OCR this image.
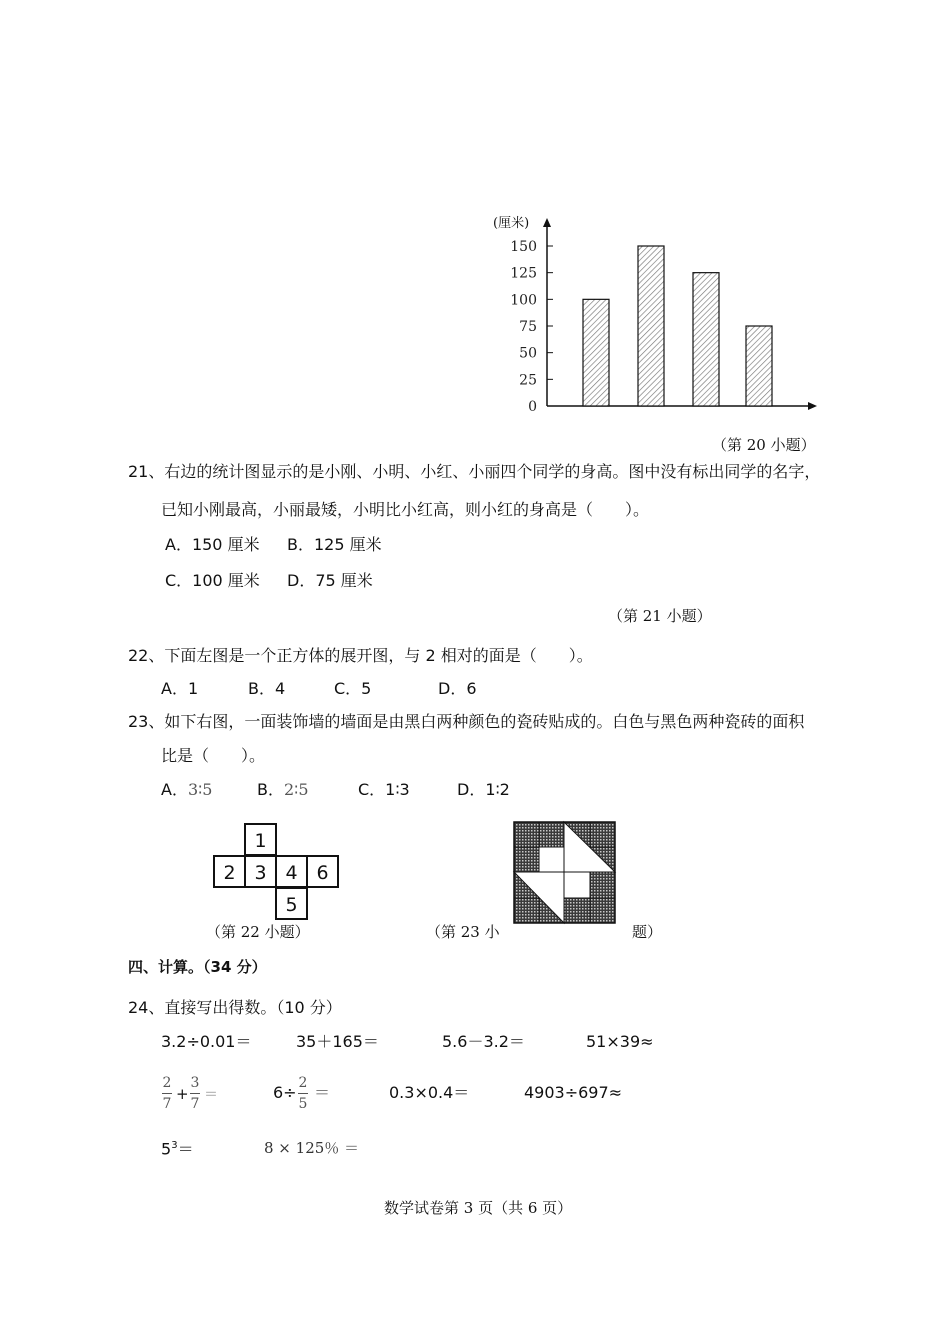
(厘米)
0
25
50
75
100
125
150
（第 20 小题）
21、右边的统计图显示的是小刚、小明、小红、小丽四个同学的身高。图中没有标出同学的名字，
已知小刚最高，小丽最矮，小明比小红高，则小红的身高是（　　）。
A．150 厘米 B．125 厘米
C．100 厘米 D．75 厘米
（第 21 小题）
22、下面左图是一个正方体的展开图，与 2 相对的面是（　　）。
A．1	B．4	C．5	D．6
23、如下右图，一面装饰墙的墙面是由黑白两种颜色的瓷砖贴成的。白色与黑色两种瓷砖的面积
比是（　　）。
A．3∶5	B．2∶5	C．1∶3	D．1∶2
1
2 3 4 6
5
（第 22 小题）	（第 23 小	题）
四、计算。（34 分）
24、直接写出得数。（10 分）
3.2÷0.01＝	35＋165＝	5.6－3.2＝	51×39≈
2
7
+
3
7
＝	6÷ 2
5
＝	0.3×0.4＝	4903÷697≈
$5^3=$	8 × 125％ ＝
数学试卷第 3 页（共 6 页）
